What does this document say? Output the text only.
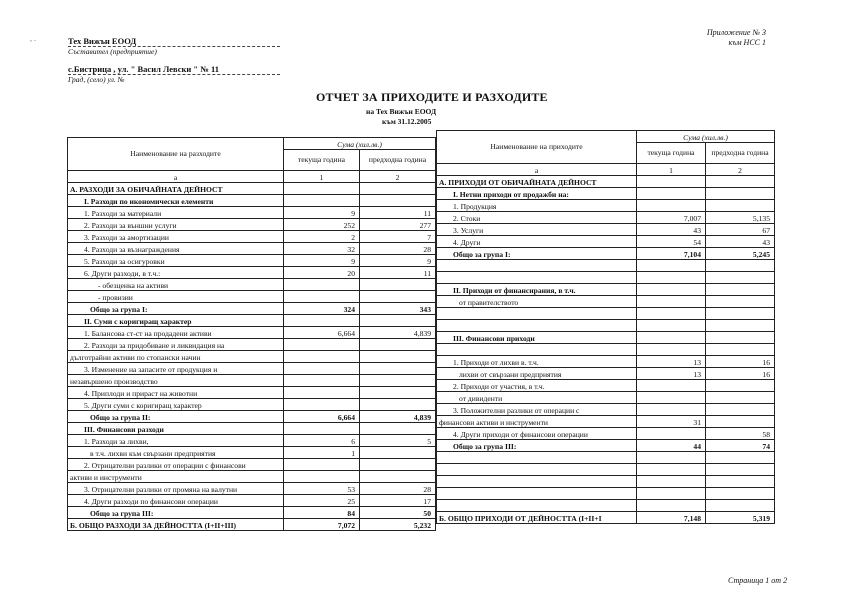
, .	Тех Вижън ЕООД
Съставител (предприятие)
с.Бистрица , ул. " Васил Левски " № 11
Град, (село) ул. №
Приложение № 3
към НСС 1
ОТЧЕТ ЗА ПРИХОДИТЕ И РАЗХОДИТЕ
на Тех Вижън ЕООД
към 31.12.2005
Наименование на разходите	Сума (хил.лв.)	
	текуща година	предходна година
а	1	2
А. РАЗХОДИ ЗА ОБИЧАЙНАТА ДЕЙНОСТ		
I. Разходи по икономически елементи		
1. Разходи за материали	9	11
2. Разходи за външни услуги	252	277
3. Разходи за амортизации	2	7
4. Разходи за възнаграждения	32	28
5. Разходи за осигуровки	9	9
6. Други разходи, в т.ч.:	20	11
- обезценка на активи		
- провизии		
Общо за група I:	324	343
II. Суми с коригиращ характер		
1. Балансова ст-ст на продадени активи	6,664	4,839
2. Разходи за придобиване и ликвидация на		
дълготрайни активи по стопански начин		
3. Изменение на запасите от продукция и		
незавършено производство		
4. Приплоди и прираст на животни		
5. Други суми с коригиращ характер		
Общо за група II:	6,664	4,839
III. Финансови разходи		
1. Разходи за лихви,	6	5
в т.ч. лихви към свързани предприятия	1	
2. Отрицателни разлики от операции с финансови		
активи и инструменти		
3. Отрицателни разлики от промяна на валутни	53	28
4. Други разходи по финансови операции	25	17
Общо за група III:	84	50
Б. ОБЩО РАЗХОДИ ЗА ДЕЙНОСТТА (I+II+III)	7,072	5,232
Наименование на приходите	Сума (хил.лв.)	
	текуща година	предходна година
а	1	2
А. ПРИХОДИ ОТ ОБИЧАЙНАТА ДЕЙНОСТ		
I. Нетни приходи от продажби на:		
1. Продукция		
2. Стоки	7,007	5,135
3. Услуги	43	67
4. Други	54	43
Общо за група I:	7,104	5,245

II. Приходи от финансирания, в т.ч.		
от правителството		

III. Финансови приходи		

1. Приходи от лихви в. т.ч.	13	16
лихви от свързани предприятия	13	16
2. Приходи от участия, в т.ч.		
от дивиденти		
3. Положителни разлики от операции с		
финансови активи и инструменти	31	
4. Други приходи от финансови операции		58
Общо за група III:	44	74

Б. ОБЩО ПРИХОДИ ОТ ДЕЙНОСТТА (I+II+I	7,148	5,319
Страница 1 от 2
